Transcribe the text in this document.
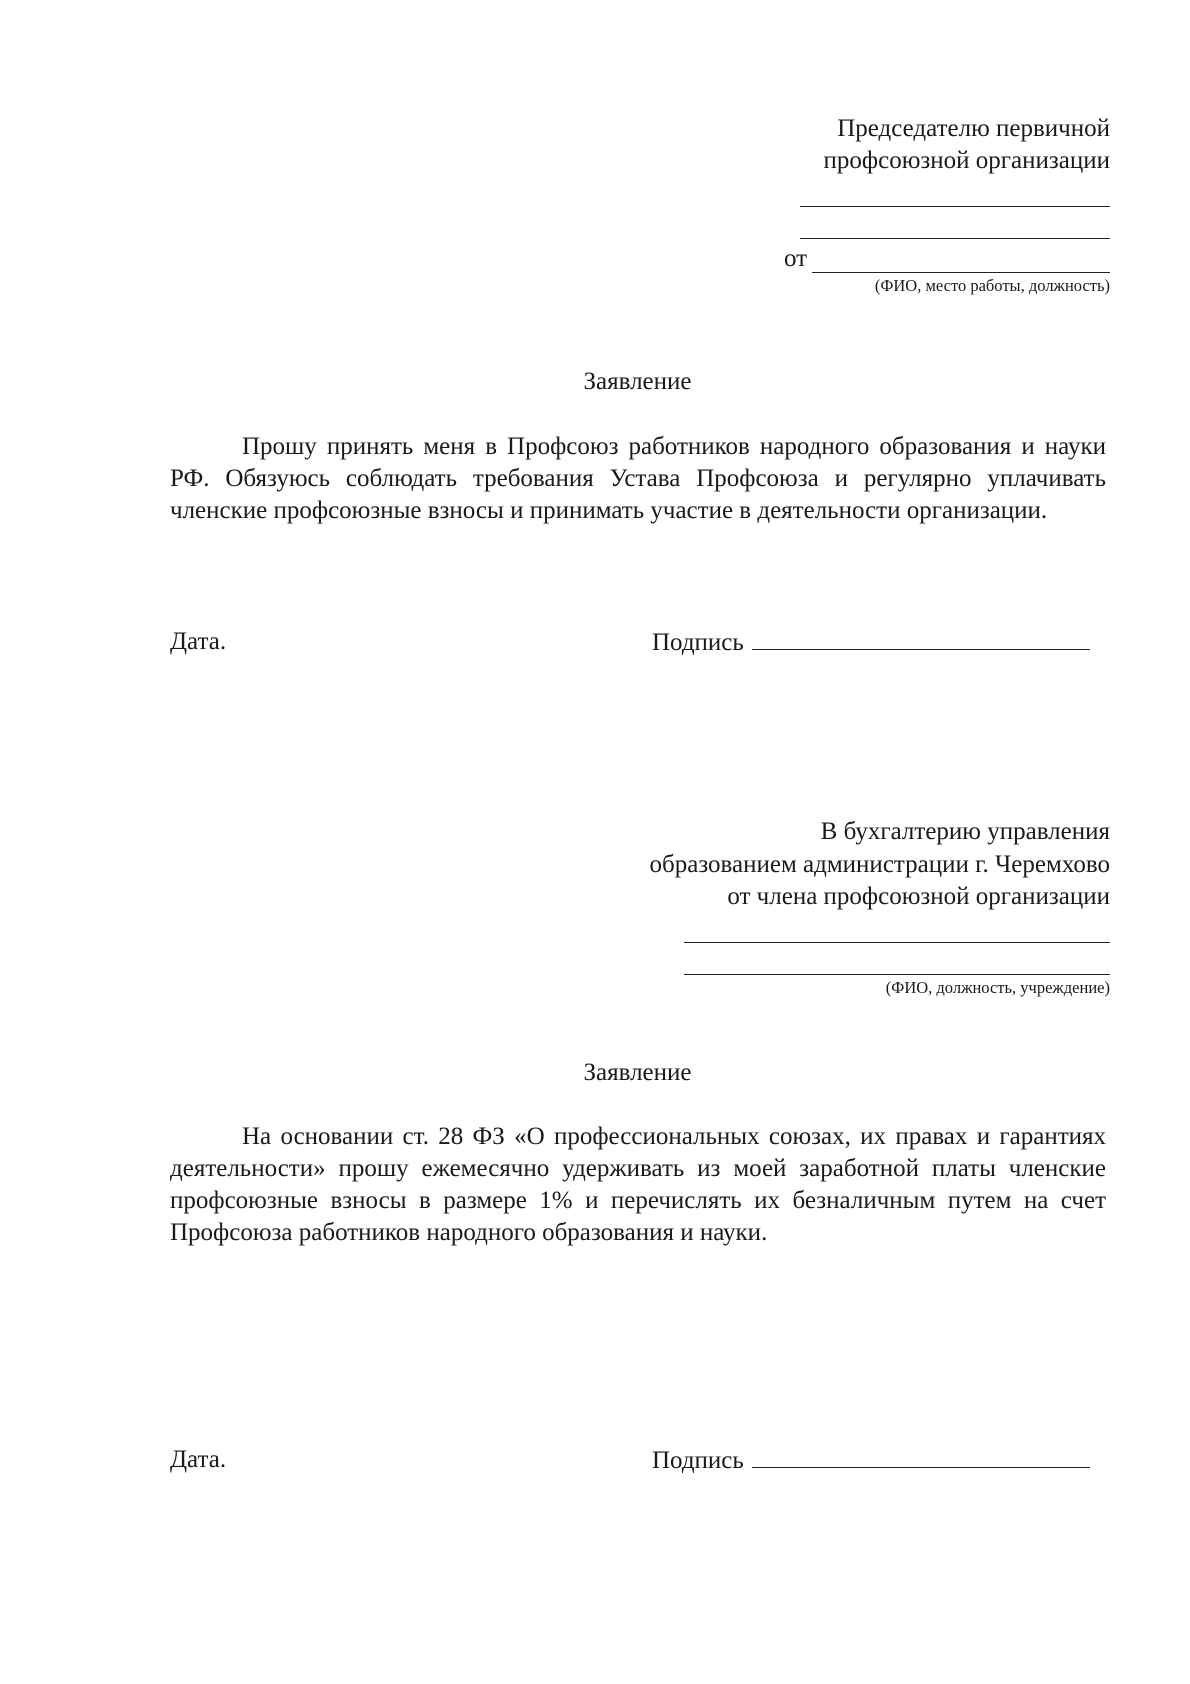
Председателю первичной
профсоюзной организации
от
(ФИО, место работы, должность)
Заявление

Прошу принять меня в Профсоюз работников народного образования и науки РФ. Обязуюсь соблюдать требования Устава Профсоюза и регулярно уплачивать членские профсоюзные взносы и принимать участие в деятельности организации.

Дата.	Подпись
В бухгалтерию управления
образованием администрации г. Черемхово
от члена профсоюзной организации
(ФИО, должность, учреждение)
Заявление

На основании ст. 28 ФЗ «О профессиональных союзах, их правах и гарантиях деятельности» прошу ежемесячно удерживать из моей заработной платы членские профсоюзные взносы в размере 1% и перечислять их безналичным путем на счет Профсоюза работников народного образования и науки.

Дата.	Подпись
